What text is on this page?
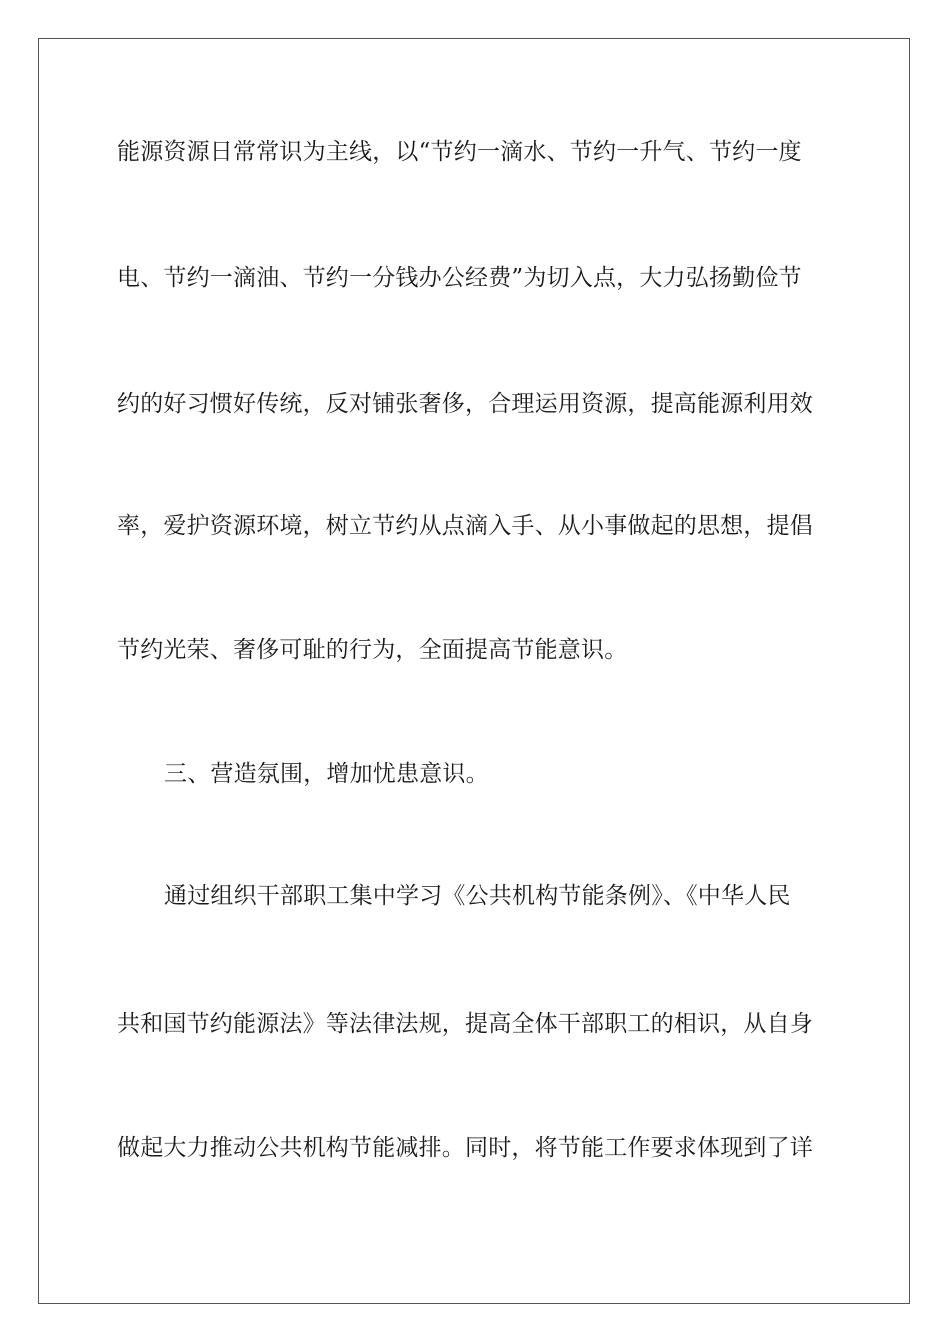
能源资源日常常识为主线，以“节约一滴水、节约一升气、节约一度
电、节约一滴油、节约一分钱办公经费”为切入点，大力弘扬勤俭节
约的好习惯好传统，反对铺张奢侈，合理运用资源，提高能源利用效
率，爱护资源环境，树立节约从点滴入手、从小事做起的思想，提倡
节约光荣、奢侈可耻的行为，全面提高节能意识。
三、营造氛围，增加忧患意识。
通过组织干部职工集中学习《公共机构节能条例》、《中华人民
共和国节约能源法》等法律法规，提高全体干部职工的相识，从自身
做起大力推动公共机构节能减排。同时，将节能工作要求体现到了详
